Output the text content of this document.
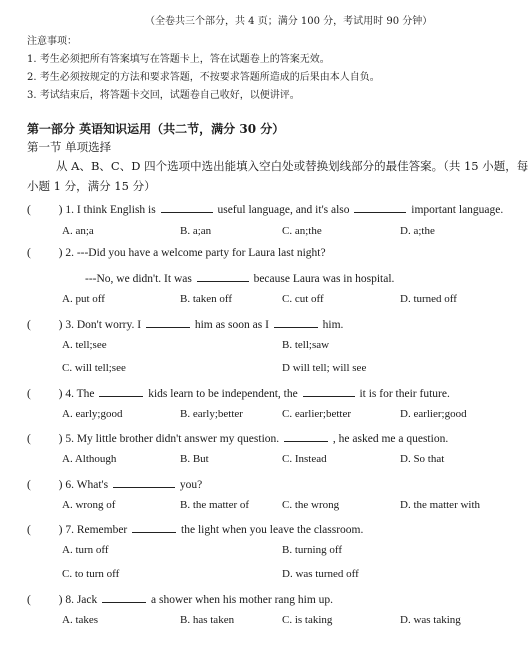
（全卷共三个部分，共 4 页；满分 100 分，考试用时 90 分钟）
注意事项：
1. 考生必须把所有答案填写在答题卡上，答在试题卷上的答案无效。
2. 考生必须按规定的方法和要求答题，不按要求答题所造成的后果由本人自负。
3. 考试结束后，将答题卡交回，试题卷自己收好，以便讲评。
第一部分 英语知识运用（共二节，满分 30 分）
第一节 单项选择
从 A、B、C、D 四个选项中选出能填入空白处或替换划线部分的最佳答案。（共 15 小题，每
小题 1 分，满分 15 分）
( ) 1. I think English is	useful language, and it's also	important language.
A. an;a	B. a;an	C. an;the	D. a;the
( ) 2. ---Did you have a welcome party for Laura last night?
---No, we didn't. It was	because Laura was in hospital.
A. put off	B. taken off	C. cut off	D. turned off
( ) 3. Don't worry. I	him as soon as I	him.
A. tell;see	B. tell;saw
C. will tell;see	D will tell; will see
( ) 4. The	kids learn to be independent, the	it is for their future.
A. early;good	B. early;better	C. earlier;better	D. earlier;good
( ) 5. My little brother didn't answer my question.	, he asked me a question.
A. Although	B. But	C. Instead	D. So that
( ) 6. What's	you?
A. wrong of	B. the matter of	C. the wrong	D. the matter with
( ) 7. Remember	the light when you leave the classroom.
A. turn off	B. turning off
C. to turn off	D. was turned off
( ) 8. Jack	a shower when his mother rang him up.
A. takes	B. has taken	C. is taking	D. was taking
